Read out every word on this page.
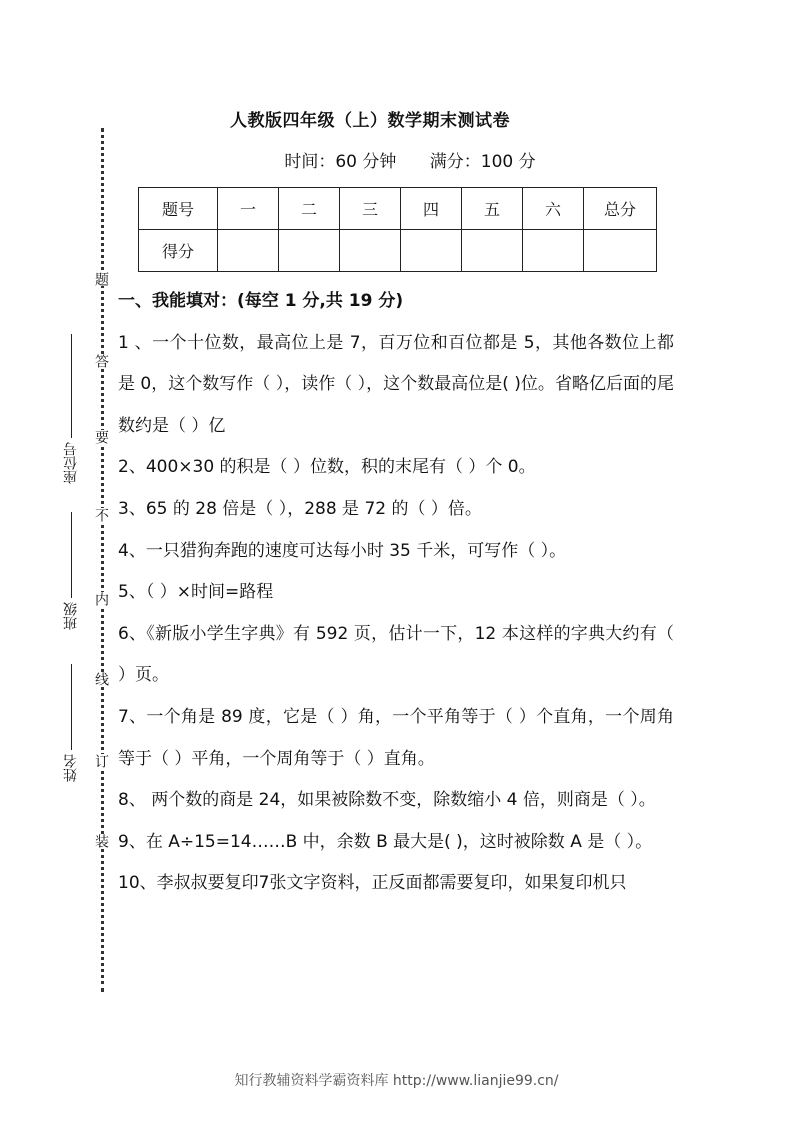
人教版四年级（上）数学期末测试卷
时间：60 分钟 满分：100 分
题号	一	二	三	四	五	六	总分
得分							
题
答
要
不
内
线
订
装
座位号
班级
姓名
一、我能填对：(每空 1 分,共 19 分)

1 、一个十位数，最高位上是 7，百万位和百位都是 5，其他各数位上都是 0，这个数写作（ ），读作（ ），这个数最高位是( )位。省略亿后面的尾数约是（ ）亿

2、400×30 的积是（ ）位数，积的末尾有（ ）个 0。

3、65 的 28 倍是（ ），288 是 72 的（ ）倍。

4、一只猎狗奔跑的速度可达每小时 35 千米，可写作（ ）。

5、（ ）×时间=路程

6、《新版小学生字典》有 592 页，估计一下，12 本这样的字典大约有（ ）页。

7、一个角是 89 度，它是（ ）角，一个平角等于（ ）个直角，一个周角等于（ ）平角，一个周角等于（ ）直角。

8、 两个数的商是 24，如果被除数不变，除数缩小 4 倍，则商是（ ）。

9、在 A÷15=14……B 中，余数 B 最大是( )，这时被除数 A 是（ ）。

10、李叔叔要复印7张文字资料，正反面都需要复印，如果复印机只

知行教辅资料学霸资料库 http://www.lianjie99.cn/
